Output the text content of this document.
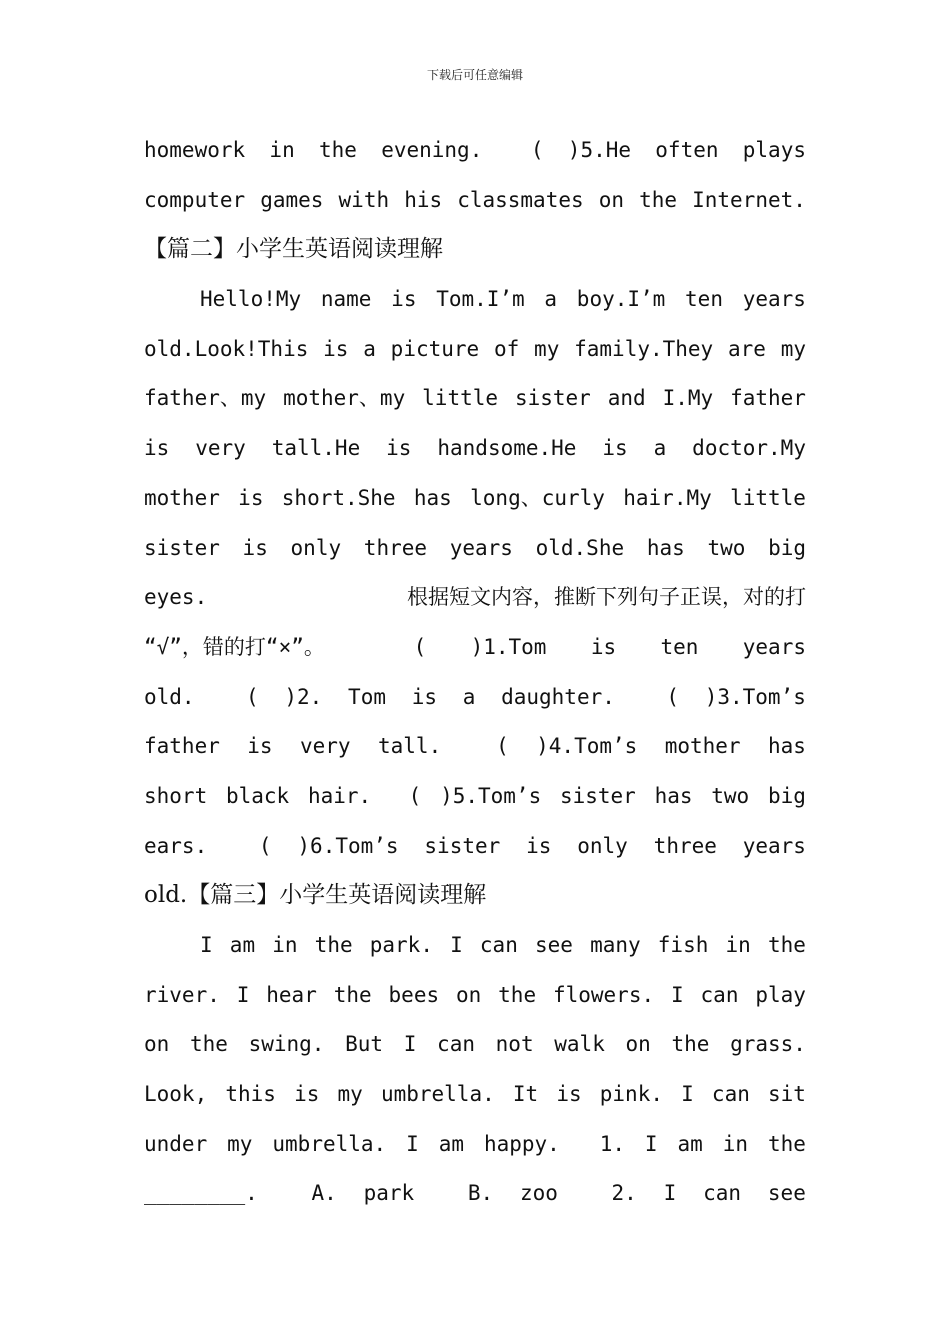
下载后可任意编辑
homework in the evening. ( )5.He often plays
computer games with his classmates on the Internet.
【篇二】小学生英语阅读理解
Hello!My name is Tom.I’m a boy.I’m ten years
old.Look!This is a picture of my family.They are my
father、my mother、my little sister and I.My father
is very tall.He is handsome.He is a doctor.My
mother is short.She has long、curly hair.My little
sister is only three years old.She has two big
eyes.	根据短文内容，推断下列句子正误，对的打
“√”，错的打“×”。	( )1.Tom is ten years
old. ( )2. Tom is a daughter. ( )3.Tom’s
father is very tall.	( )4.Tom’s mother has
short black hair. ( )5.Tom’s sister has two big
ears. ( )6.Tom’s sister is only three years
old.【篇三】小学生英语阅读理解
I am in the park. I can see many fish in the
river. I hear the bees on the flowers. I can play
on the swing. But I can not walk on the grass.
Look, this is my umbrella. It is pink. I can sit
under my umbrella. I am happy. 1. I am in the
________.	A. park	B. zoo	2. I can see
